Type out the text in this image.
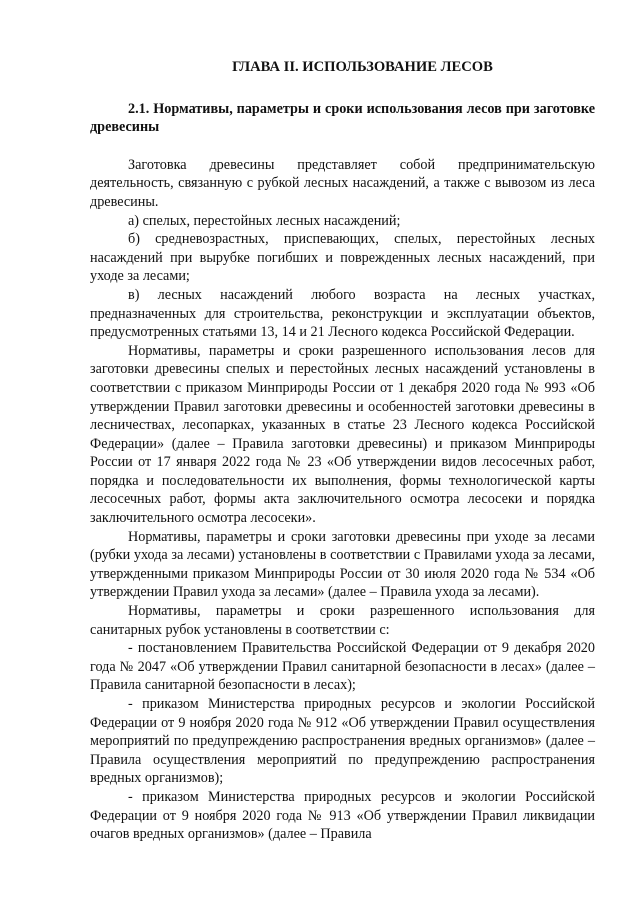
ГЛАВА II. ИСПОЛЬЗОВАНИЕ ЛЕСОВ
2.1. Нормативы, параметры и сроки использования лесов при заготовке древесины

Заготовка древесины представляет собой предпринимательскую деятельность, связанную с рубкой лесных насаждений, а также с вывозом из леса древесины.

а) спелых, перестойных лесных насаждений;

б) средневозрастных, приспевающих, спелых, перестойных лесных насаждений при вырубке погибших и поврежденных лесных насаждений, при уходе за лесами;

в) лесных насаждений любого возраста на лесных участках, предназначенных для строительства, реконструкции и эксплуатации объектов, предусмотренных статьями 13, 14 и 21 Лесного кодекса Российской Федерации.

Нормативы, параметры и сроки разрешенного использования лесов для заготовки древесины спелых и перестойных лесных насаждений установлены в соответствии с приказом Минприроды России от 1 декабря 2020 года № 993 «Об утверждении Правил заготовки древесины и особенностей заготовки древесины в лесничествах, лесопарках, указанных в статье 23 Лесного кодекса Российской Федерации» (далее – Правила заготовки древесины) и приказом Минприроды России от 17 января 2022 года № 23 «Об утверждении видов лесосечных работ, порядка и последовательности их выполнения, формы технологической карты лесосечных работ, формы акта заключительного осмотра лесосеки и порядка заключительного осмотра лесосеки».

Нормативы, параметры и сроки заготовки древесины при уходе за лесами (рубки ухода за лесами) установлены в соответствии с Правилами ухода за лесами, утвержденными приказом Минприроды России от 30 июля 2020 года № 534 «Об утверждении Правил ухода за лесами» (далее – Правила ухода за лесами).

Нормативы, параметры и сроки разрешенного использования для санитарных рубок установлены в соответствии с:

- постановлением Правительства Российской Федерации от 9 декабря 2020 года № 2047 «Об утверждении Правил санитарной безопасности в лесах» (далее – Правила санитарной безопасности в лесах);

- приказом Министерства природных ресурсов и экологии Российской Федерации от 9 ноября 2020 года № 912 «Об утверждении Правил осуществления мероприятий по предупреждению распространения вредных организмов» (далее – Правила осуществления мероприятий по предупреждению распространения вредных организмов);

- приказом Министерства природных ресурсов и экологии Российской Федерации от 9 ноября 2020 года № 913 «Об утверждении Правил ликвидации очагов вредных организмов» (далее – Правила
